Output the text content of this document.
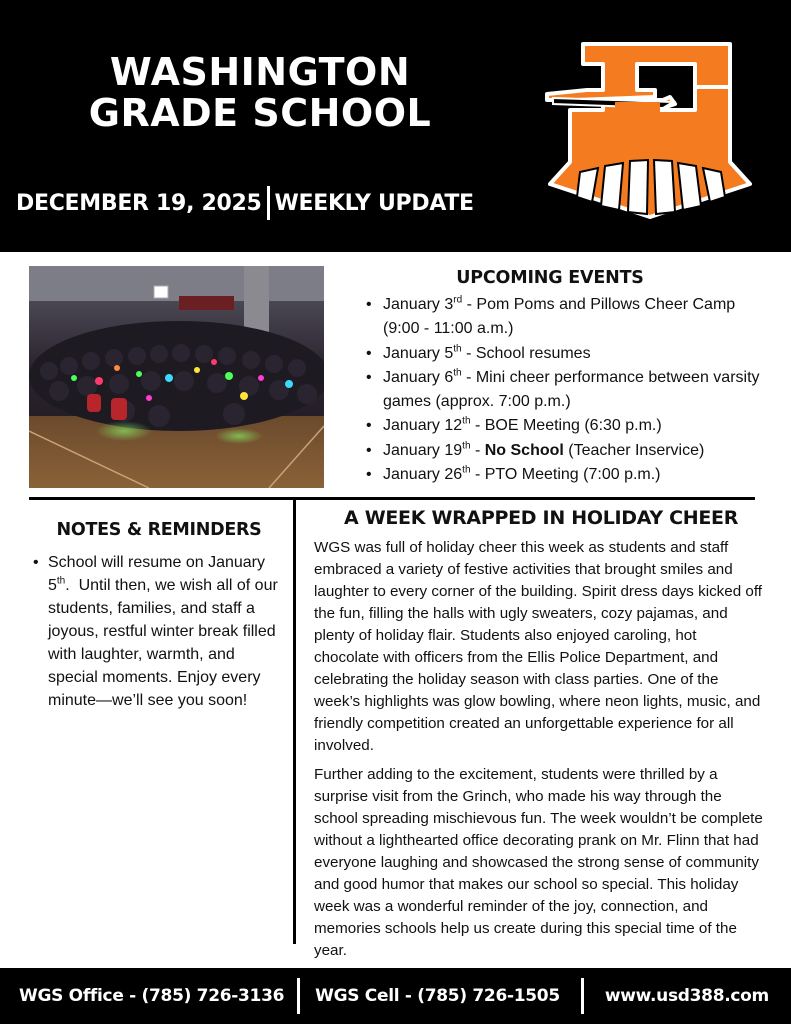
WASHINGTON
GRADE SCHOOL
DECEMBER 19, 2025 WEEKLY UPDATE
UPCOMING EVENTS
• January 3rd - Pom Poms and Pillows Cheer Camp (9:00 - 11:00 a.m.)
• January 5th - School resumes
• January 6th - Mini cheer performance between varsity games (approx. 7:00 p.m.)
• January 12th - BOE Meeting (6:30 p.m.)
• January 19th - No School (Teacher Inservice)
• January 26th - PTO Meeting (7:00 p.m.)
NOTES & REMINDERS
• School will resume on January 5th.  Until then, we wish all of our students, families, and staff a joyous, restful winter break filled with laughter, warmth, and special moments. Enjoy every minute—we’ll see you soon!
A WEEK WRAPPED IN HOLIDAY CHEER

WGS was full of holiday cheer this week as students and staff embraced a variety of festive activities that brought smiles and laughter to every corner of the building. Spirit dress days kicked off the fun, filling the halls with ugly sweaters, cozy pajamas, and plenty of holiday flair. Students also enjoyed caroling, hot chocolate with officers from the Ellis Police Department, and celebrating the holiday season with class parties. One of the week’s highlights was glow bowling, where neon lights, music, and friendly competition created an unforgettable experience for all involved.

Further adding to the excitement, students were thrilled by a surprise visit from the Grinch, who made his way through the school spreading mischievous fun. The week wouldn’t be complete without a lighthearted office decorating prank on Mr. Flinn that had everyone laughing and showcased the strong sense of community and good humor that makes our school so special. This holiday week was a wonderful reminder of the joy, connection, and memories schools help us create during this special time of the year.

WGS Office - (785) 726-3136 WGS Cell - (785) 726-1505	www.usd388.com
